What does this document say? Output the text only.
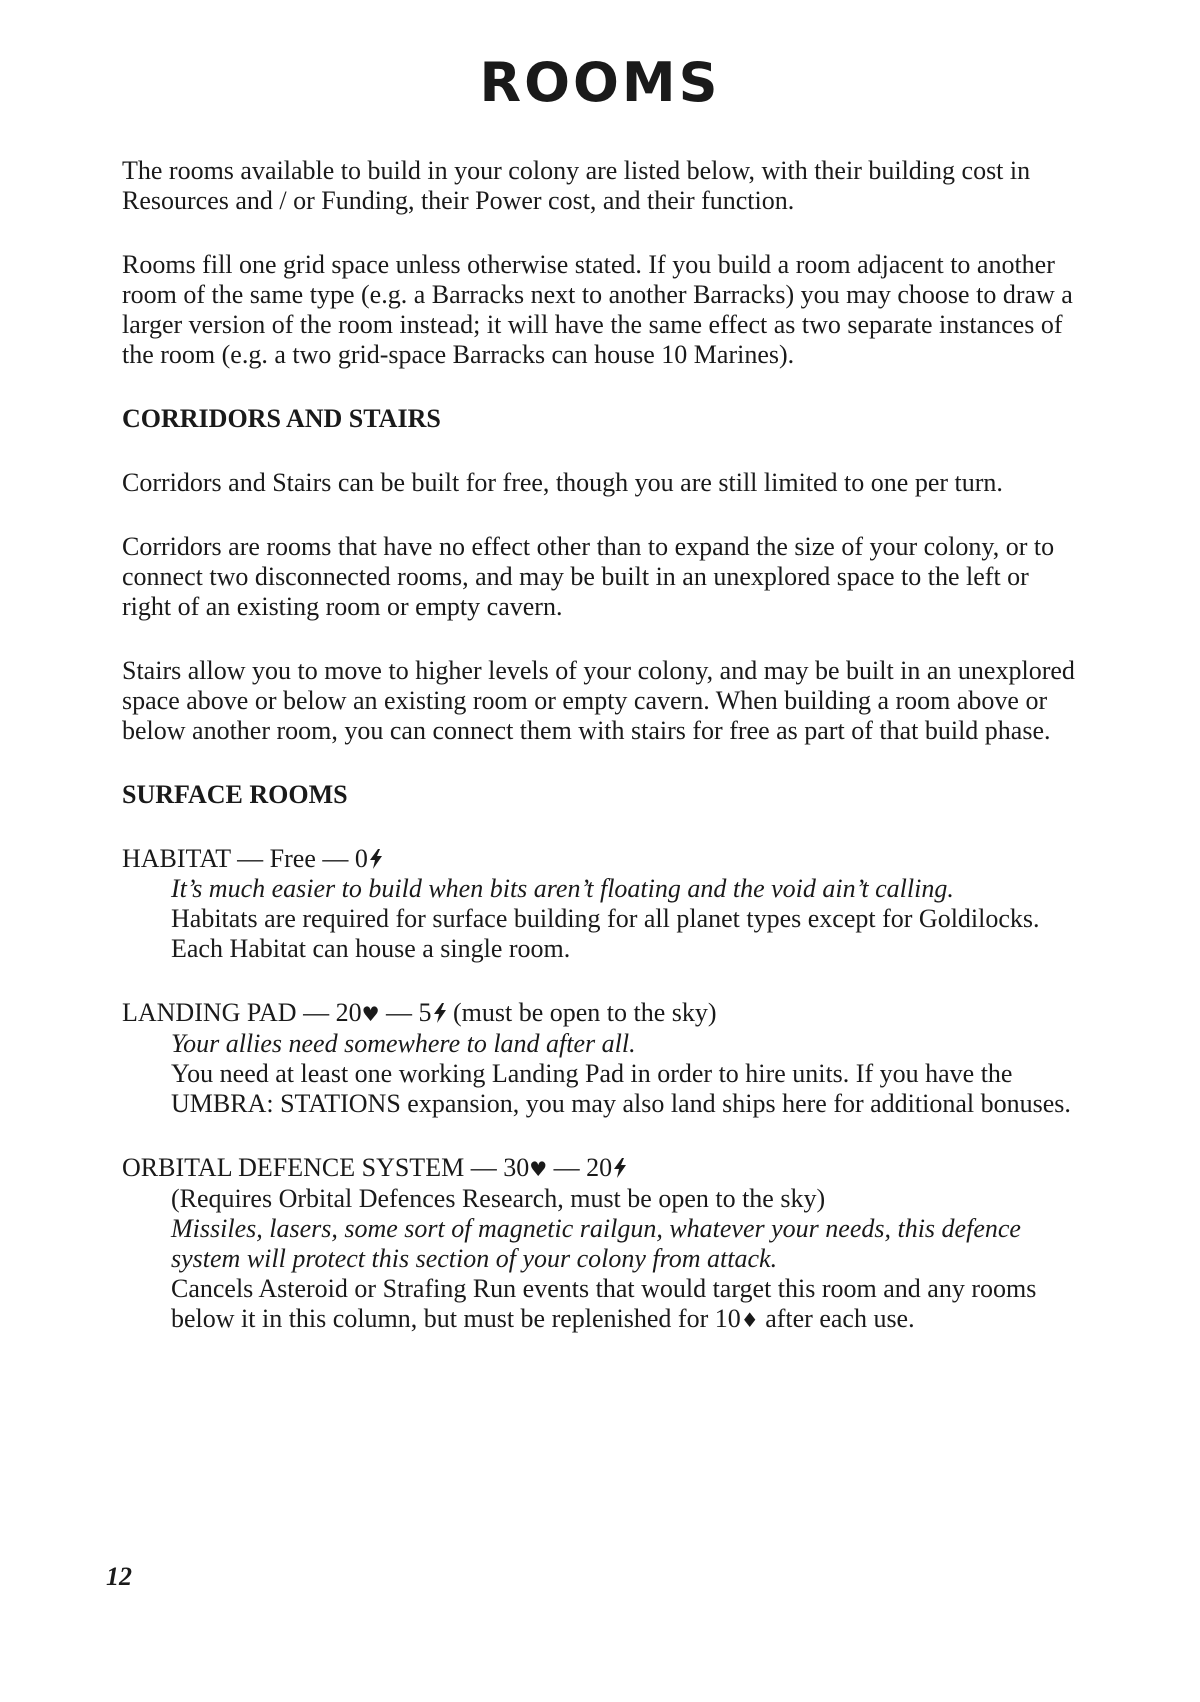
ROOMS

The rooms available to build in your colony are listed below, with their building cost in Resources and / or Funding, their Power cost, and their function.

Rooms fill one grid space unless otherwise stated. If you build a room adjacent to another room of the same type (e.g. a Barracks next to another Barracks) you may choose to draw a larger version of the room instead; it will have the same effect as two separate instances of the room (e.g. a two grid-space Barracks can house 10 Marines).

CORRIDORS AND STAIRS

Corridors and Stairs can be built for free, though you are still limited to one per turn.

Corridors are rooms that have no effect other than to expand the size of your colony, or to connect two disconnected rooms, and may be built in an unexplored space to the left or right of an existing room or empty cavern.

Stairs allow you to move to higher levels of your colony, and may be built in an unexplored space above or below an existing room or empty cavern. When building a room above or below another room, you can connect them with stairs for free as part of that build phase.

SURFACE ROOMS
HABITAT — Free — 0
It’s much easier to build when bits aren’t floating and the void ain’t calling.
Habitats are required for surface building for all planet types except for Goldilocks. Each Habitat can house a single room.
LANDING PAD — 20♥ — 5 (must be open to the sky)
Your allies need somewhere to land after all.
You need at least one working Landing Pad in order to hire units. If you have the UMBRA: STATIONS expansion, you may also land ships here for additional bonuses.
ORBITAL DEFENCE SYSTEM — 30♥ — 20
(Requires Orbital Defences Research, must be open to the sky)
Missiles, lasers, some sort of magnetic railgun, whatever your needs, this defence system will protect this section of your colony from attack.
Cancels Asteroid or Strafing Run events that would target this room and any rooms below it in this column, but must be replenished for 10♦ after each use.
12
